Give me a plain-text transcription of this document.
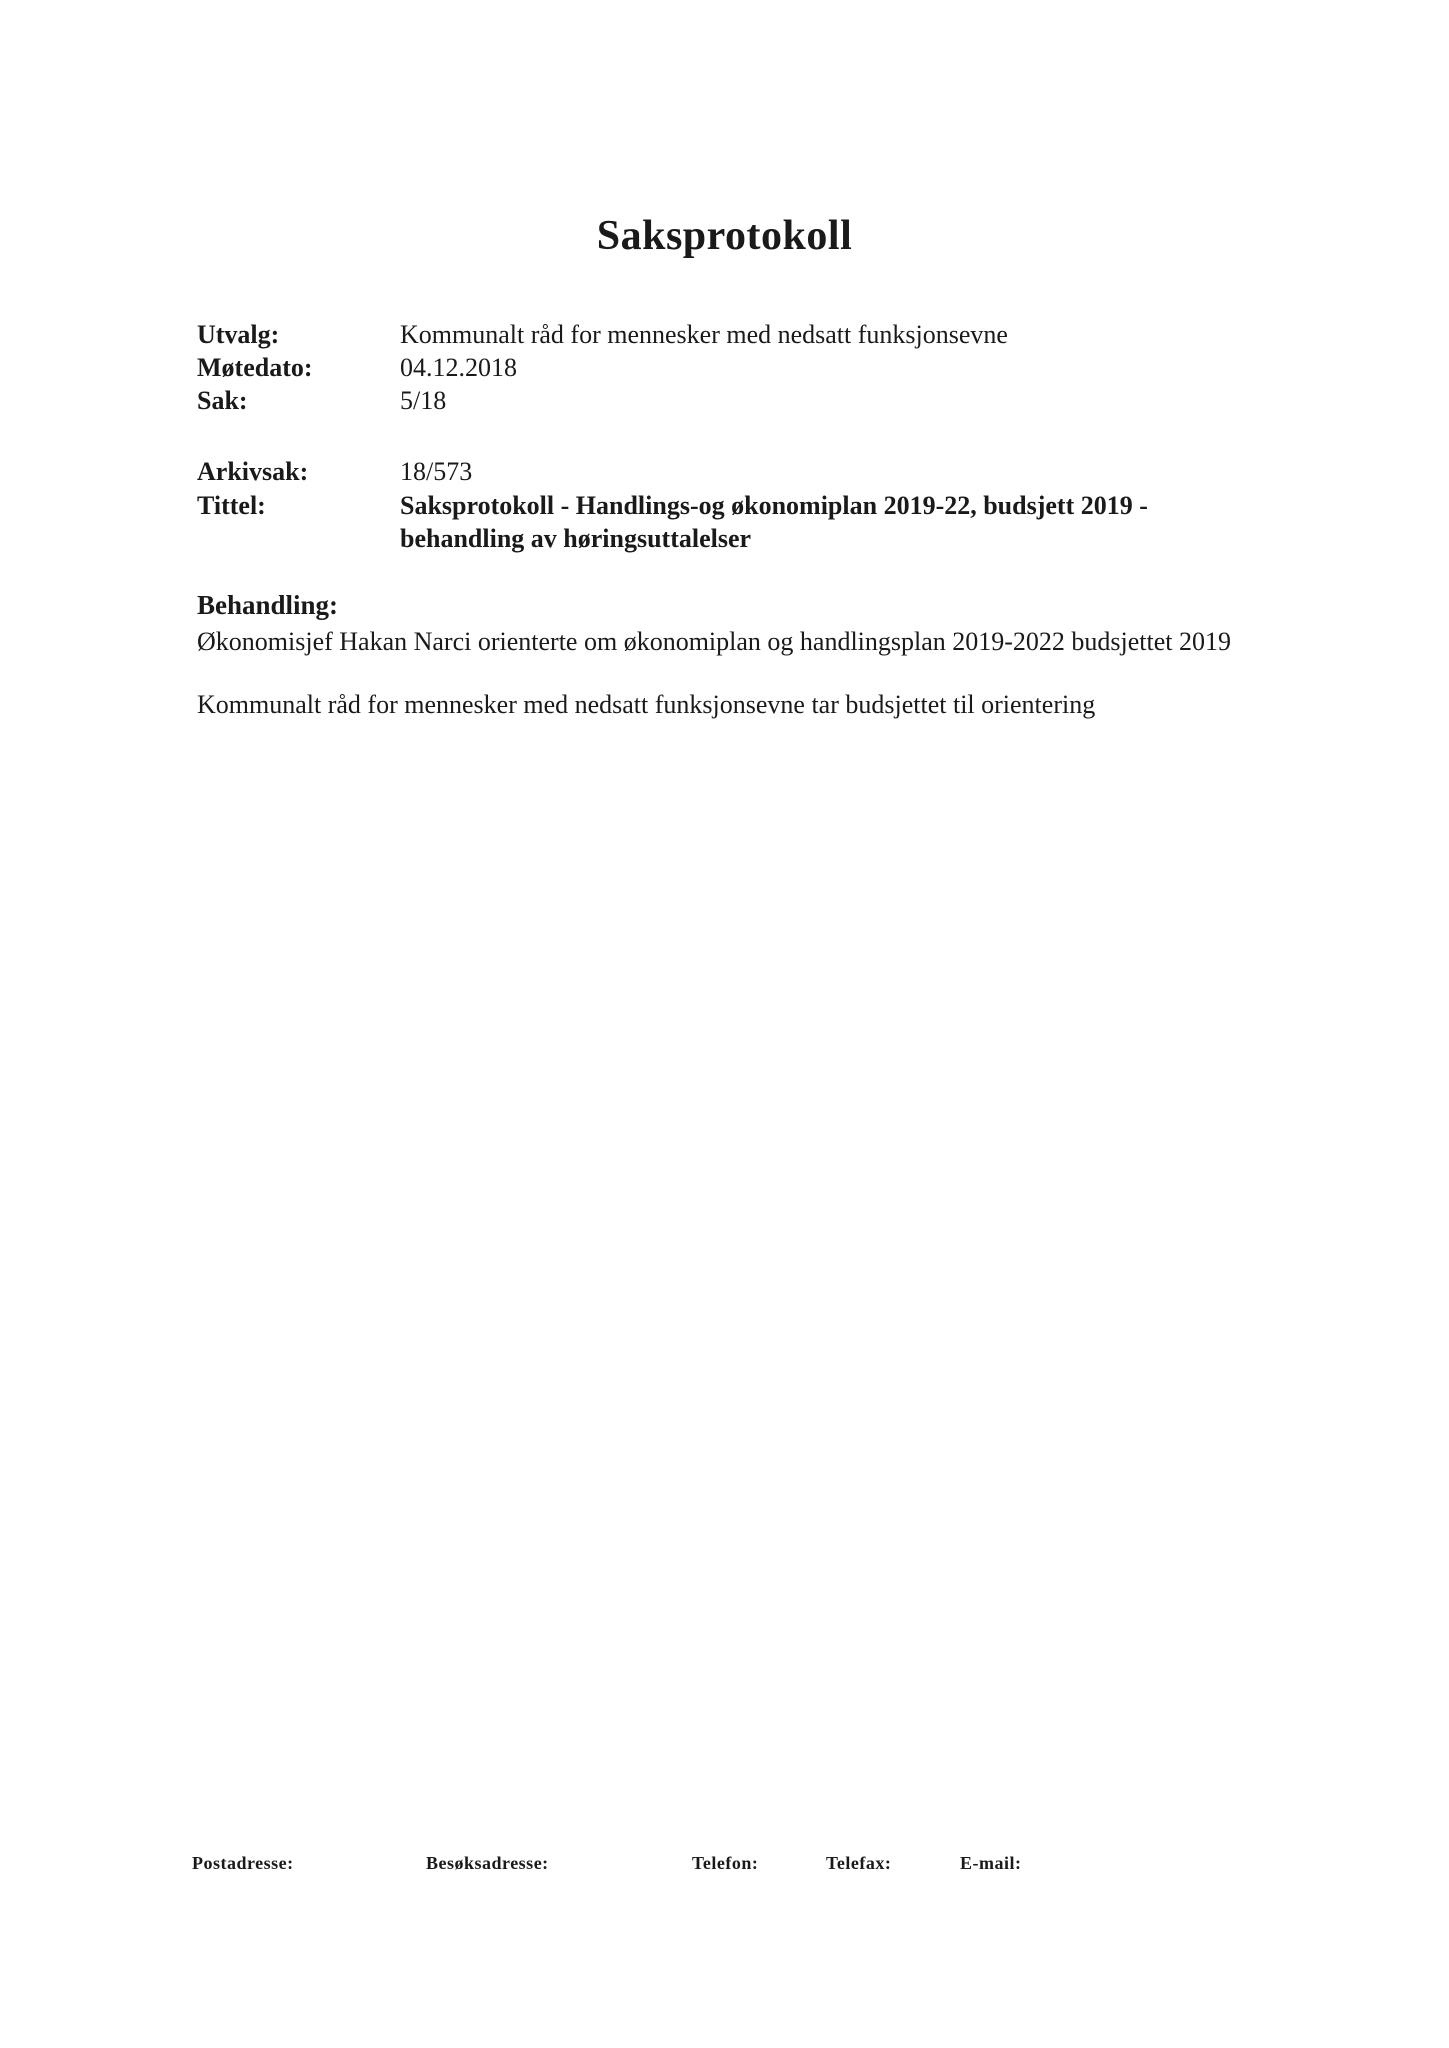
Saksprotokoll
Utvalg:	Kommunalt råd for mennesker med nedsatt funksjonsevne
Møtedato:	04.12.2018
Sak:	5/18
Arkivsak:	18/573
Tittel:	Saksprotokoll - Handlings-og økonomiplan 2019-22, budsjett 2019 -
behandling av høringsuttalelser
Behandling:
Økonomisjef Hakan Narci orienterte om økonomiplan og handlingsplan 2019-2022 budsjettet 2019
Kommunalt råd for mennesker med nedsatt funksjonsevne tar budsjettet til orientering
Postadresse:	Besøksadresse:	Telefon:	Telefax:	E-mail:
